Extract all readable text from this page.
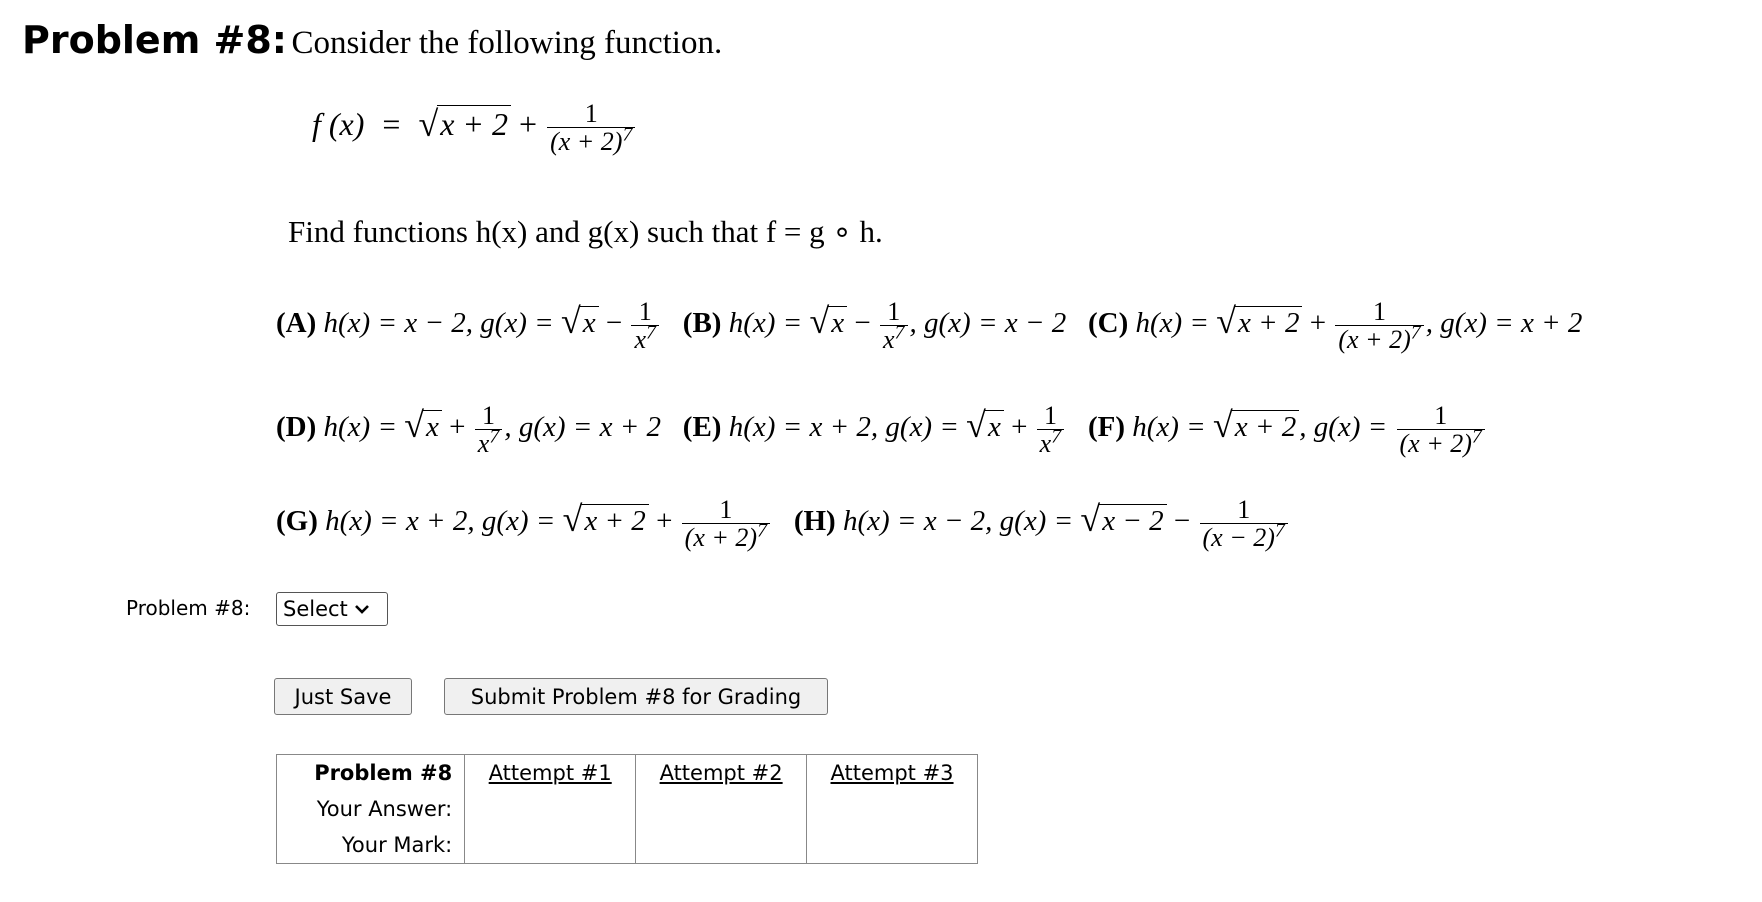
Problem #8: Consider the following function.
f $(x) = √x + 2 + \frac{1}{(x + 2)^7}$
Find functions h(x) and g(x) such that f = g ∘ h.
(A) h(x) = x − 2, $g(x) = √x - \frac{1}{x^7} (B) h(x) = √x - \frac{1}{x^7}$ , g(x) = x − 2 (C) $h(x) = √x + 2 + \frac{1}{(x + 2)^7}$ , g(x) = x + 2
(D) $h(x) = √x + \frac{1}{x^7}$ , g(x) = x + 2 (E) h(x) = x + 2, $g(x) = √x + \frac{1}{x^7} (F) h(x) = √x + 2$ , $g(x) = \frac{1}{(x + 2)^7}$
(G) h(x) = x + 2, $g(x) = √x + 2 + \frac{1}{(x + 2)^7} (H) h(x) = x - 2$, $g(x) = √x - 2 - \frac{1}{(x - 2)^7}$
Problem #8: Select
Just Save	Submit Problem #8 for Grading
Problem #8	Attempt #1	Attempt #2	Attempt #3
Your Answer:			
Your Mark:			
